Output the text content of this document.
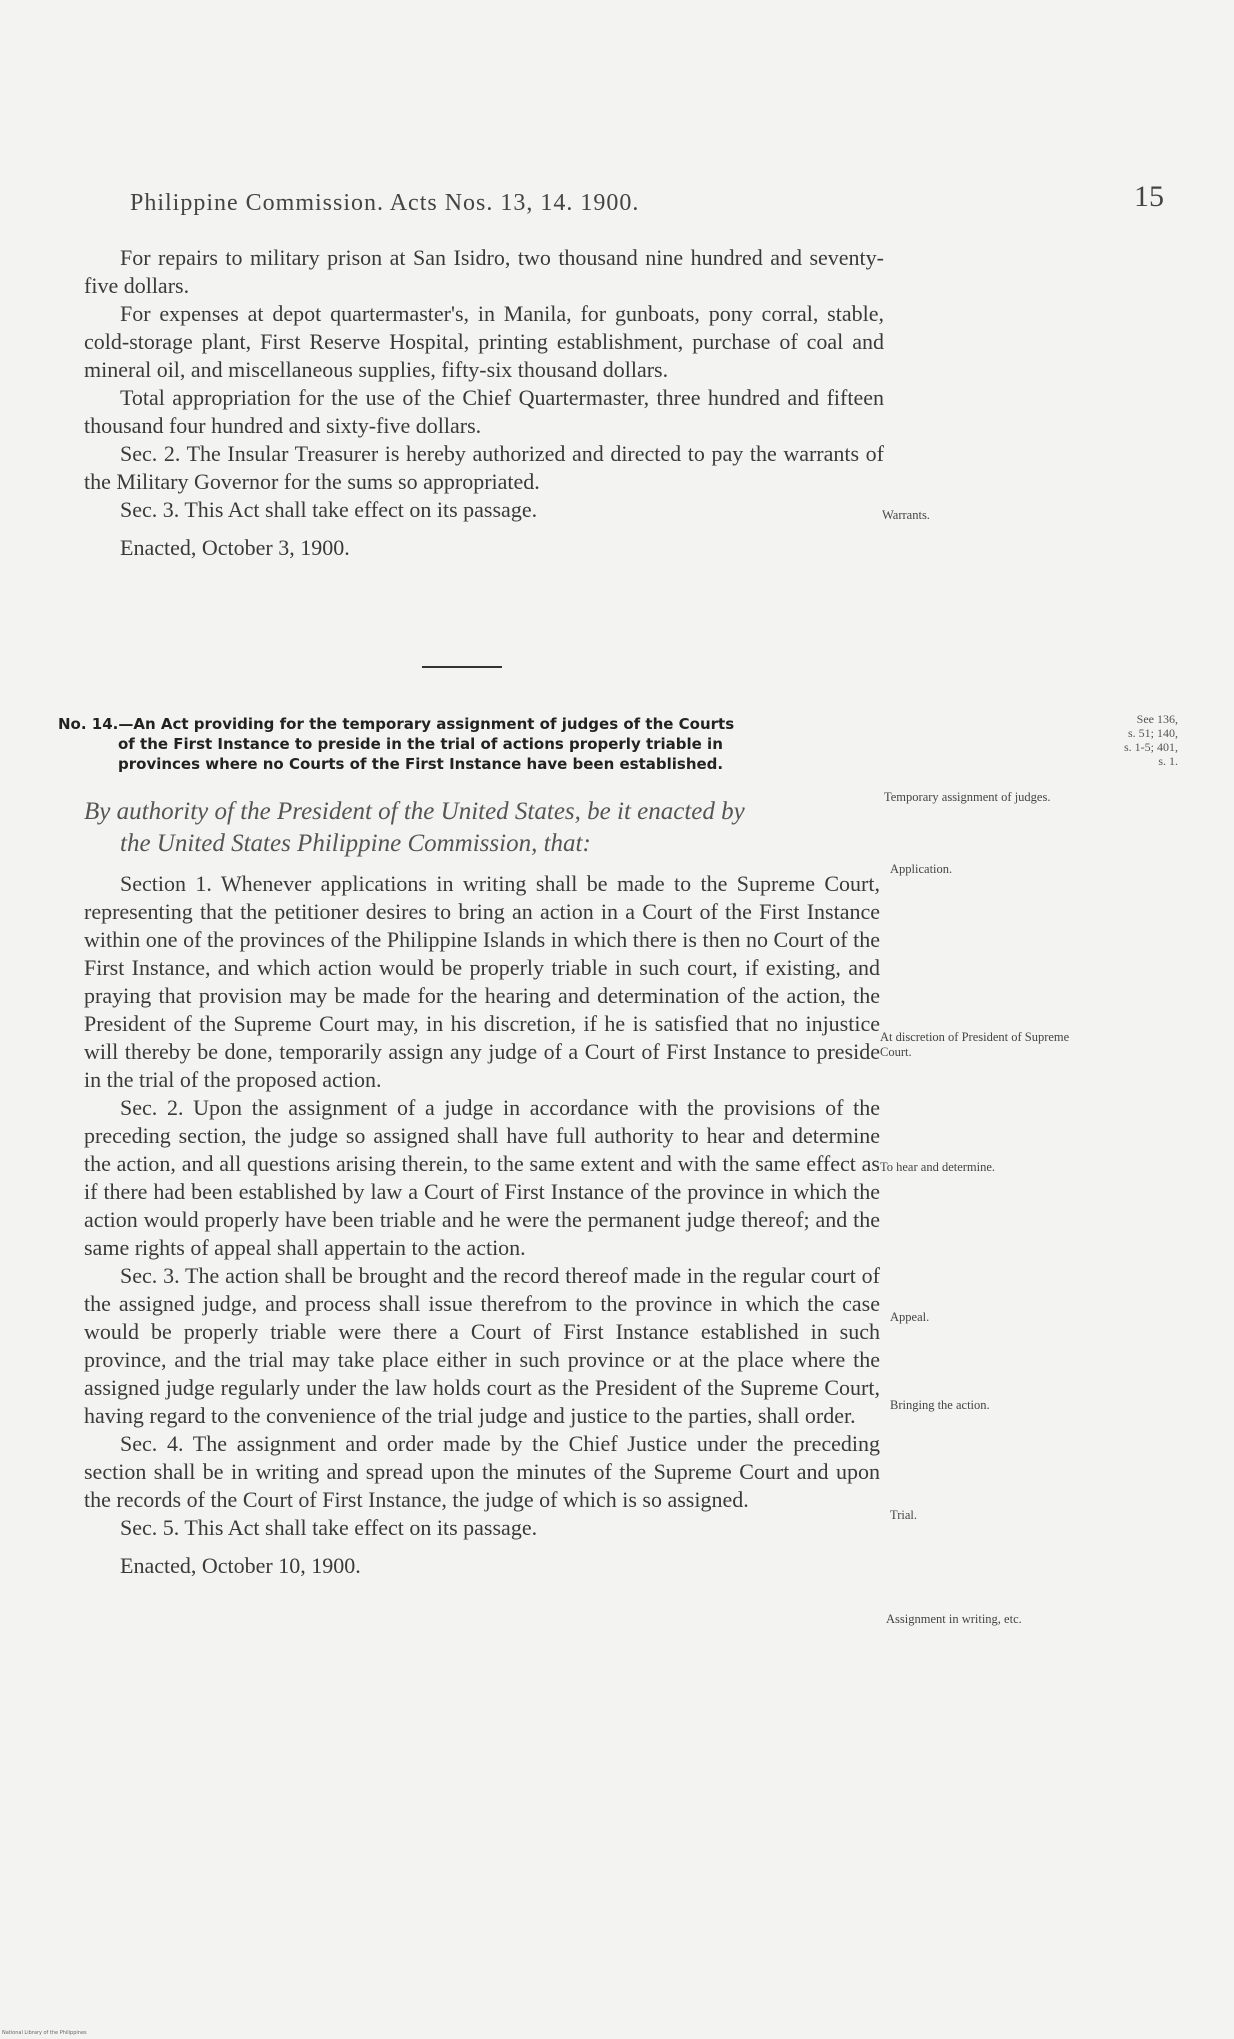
Philippine Commission. Acts Nos. 13, 14. 1900.	15

For repairs to military prison at San Isidro, two thousand nine hundred and seventy-five dollars.

For expenses at depot quartermaster's, in Manila, for gunboats, pony corral, stable, cold-storage plant, First Reserve Hospital, printing establishment, purchase of coal and mineral oil, and miscellaneous supplies, fifty-six thousand dollars.

Total appropriation for the use of the Chief Quartermaster, three hundred and fifteen thousand four hundred and sixty-five dollars.

Sec. 2. The Insular Treasurer is hereby authorized and directed to pay the warrants of the Military Governor for the sums so appropriated.

Sec. 3. This Act shall take effect on its passage.

Enacted, October 3, 1900.

Warrants.
No. 14.—An Act providing for the temporary assignment of judges of the Courts
of the First Instance to preside in the trial of actions properly triable in
provinces where no Courts of the First Instance have been established.
See 136,
s. 51; 140,
s. 1-5; 401,
s. 1.
By authority of the President of the United States, be it enacted by
the United States Philippine Commission, that:
Temporary assignment of judges.

Section 1. Whenever applications in writing shall be made to the Supreme Court, representing that the petitioner desires to bring an action in a Court of the First Instance within one of the provinces of the Philippine Islands in which there is then no Court of the First Instance, and which action would be properly triable in such court, if existing, and praying that provision may be made for the hearing and determination of the action, the President of the Supreme Court may, in his discretion, if he is satisfied that no injustice will thereby be done, temporarily assign any judge of a Court of First Instance to preside in the trial of the proposed action.

Sec. 2. Upon the assignment of a judge in accordance with the provisions of the preceding section, the judge so assigned shall have full authority to hear and determine the action, and all questions arising therein, to the same extent and with the same effect as if there had been established by law a Court of First Instance of the province in which the action would properly have been triable and he were the permanent judge thereof; and the same rights of appeal shall appertain to the action.

Sec. 3. The action shall be brought and the record thereof made in the regular court of the assigned judge, and process shall issue therefrom to the province in which the case would be properly triable were there a Court of First Instance established in such province, and the trial may take place either in such province or at the place where the assigned judge regularly under the law holds court as the President of the Supreme Court, having regard to the convenience of the trial judge and justice to the parties, shall order.

Sec. 4. The assignment and order made by the Chief Justice under the preceding section shall be in writing and spread upon the minutes of the Supreme Court and upon the records of the Court of First Instance, the judge of which is so assigned.

Sec. 5. This Act shall take effect on its passage.

Enacted, October 10, 1900.

Application.
At discretion of President of Supreme Court.
To hear and determine.
Appeal.
Bringing the action.
Trial.
Assignment in writing, etc.
National Library of the Philippines
